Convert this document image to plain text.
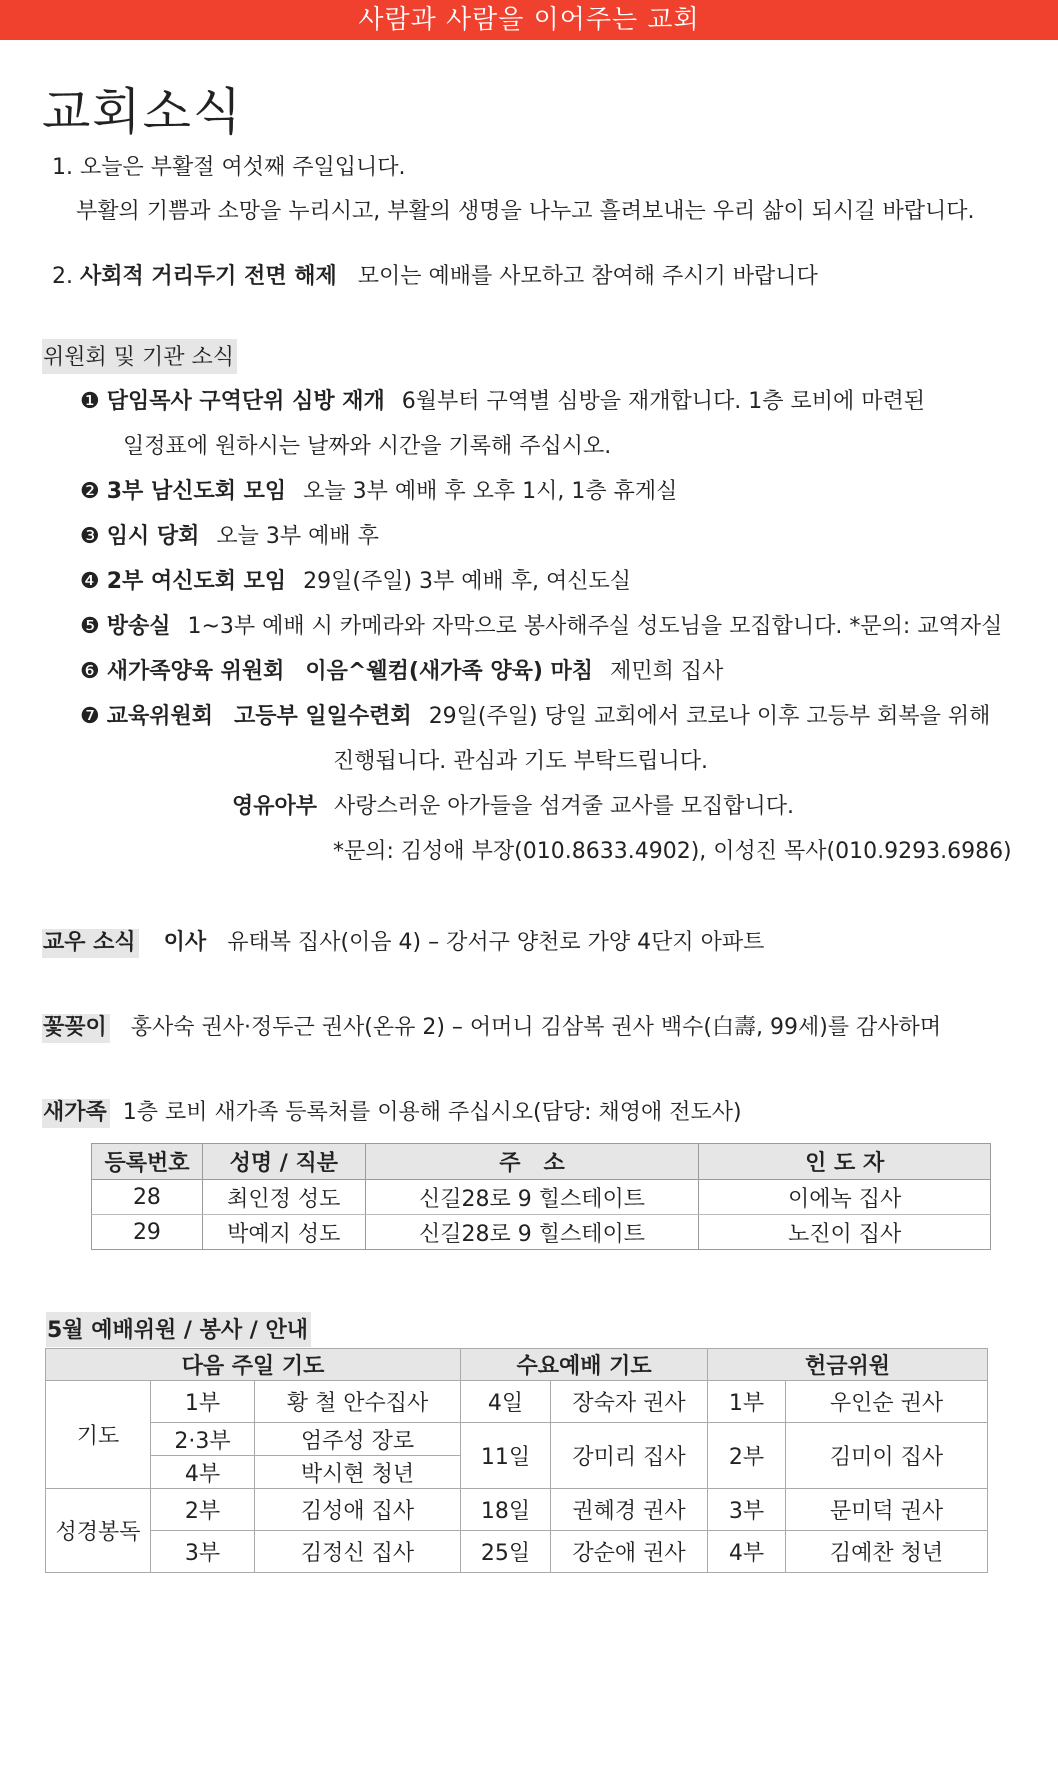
사람과 사람을 이어주는 교회
교회소식
1. 오늘은 부활절 여섯째 주일입니다.
부활의 기쁨과 소망을 누리시고, 부활의 생명을 나누고 흘려보내는 우리 삶이 되시길 바랍니다.
2. 사회적 거리두기 전면 해제 모이는 예배를 사모하고 참여해 주시기 바랍니다
위원회 및 기관 소식
❶ 담임목사 구역단위 심방 재개 6월부터 구역별 심방을 재개합니다. 1층 로비에 마련된
일정표에 원하시는 날짜와 시간을 기록해 주십시오.
❷ 3부 남신도회 모임 오늘 3부 예배 후 오후 1시, 1층 휴게실
❸ 임시 당회 오늘 3부 예배 후
❹ 2부 여신도회 모임 29일(주일) 3부 예배 후, 여신도실
❺ 방송실 1~3부 예배 시 카메라와 자막으로 봉사해주실 성도님을 모집합니다. *문의: 교역자실
❻ 새가족양육 위원회 이음^웰컴(새가족 양육) 마침 제민희 집사
❼ 교육위원회 고등부 일일수련회 29일(주일) 당일 교회에서 코로나 이후 고등부 회복을 위해
진행됩니다. 관심과 기도 부탁드립니다.
영유아부 사랑스러운 아가들을 섬겨줄 교사를 모집합니다.
*문의: 김성애 부장(010.8633.4902), 이성진 목사(010.9293.6986)
교우 소식 이사 유태복 집사(이음 4) – 강서구 양천로 가양 4단지 아파트
꽃꽂이 홍사숙 권사·정두근 권사(온유 2) – 어머니 김삼복 권사 백수(白壽, 99세)를 감사하며
새가족 1층 로비 새가족 등록처를 이용해 주십시오(담당: 채영애 전도사)
등록번호	성명 / 직분	주   소	인 도 자
28	최인정 성도	신길28로 9 힐스테이트	이에녹 집사
29	박예지 성도	신길28로 9 힐스테이트	노진이 집사
5월 예배위원 / 봉사 / 안내
다음 주일 기도			수요예배 기도		헌금위원	
기도	1부	황 철 안수집사	4일	장숙자 권사	1부	우인순 권사
	2·3부	엄주성 장로	11일	강미리 집사	2부	김미이 집사
	4부	박시현 청년				
성경봉독	2부	김성애 집사	18일	권혜경 권사	3부	문미덕 권사
	3부	김정신 집사	25일	강순애 권사	4부	김예찬 청년
